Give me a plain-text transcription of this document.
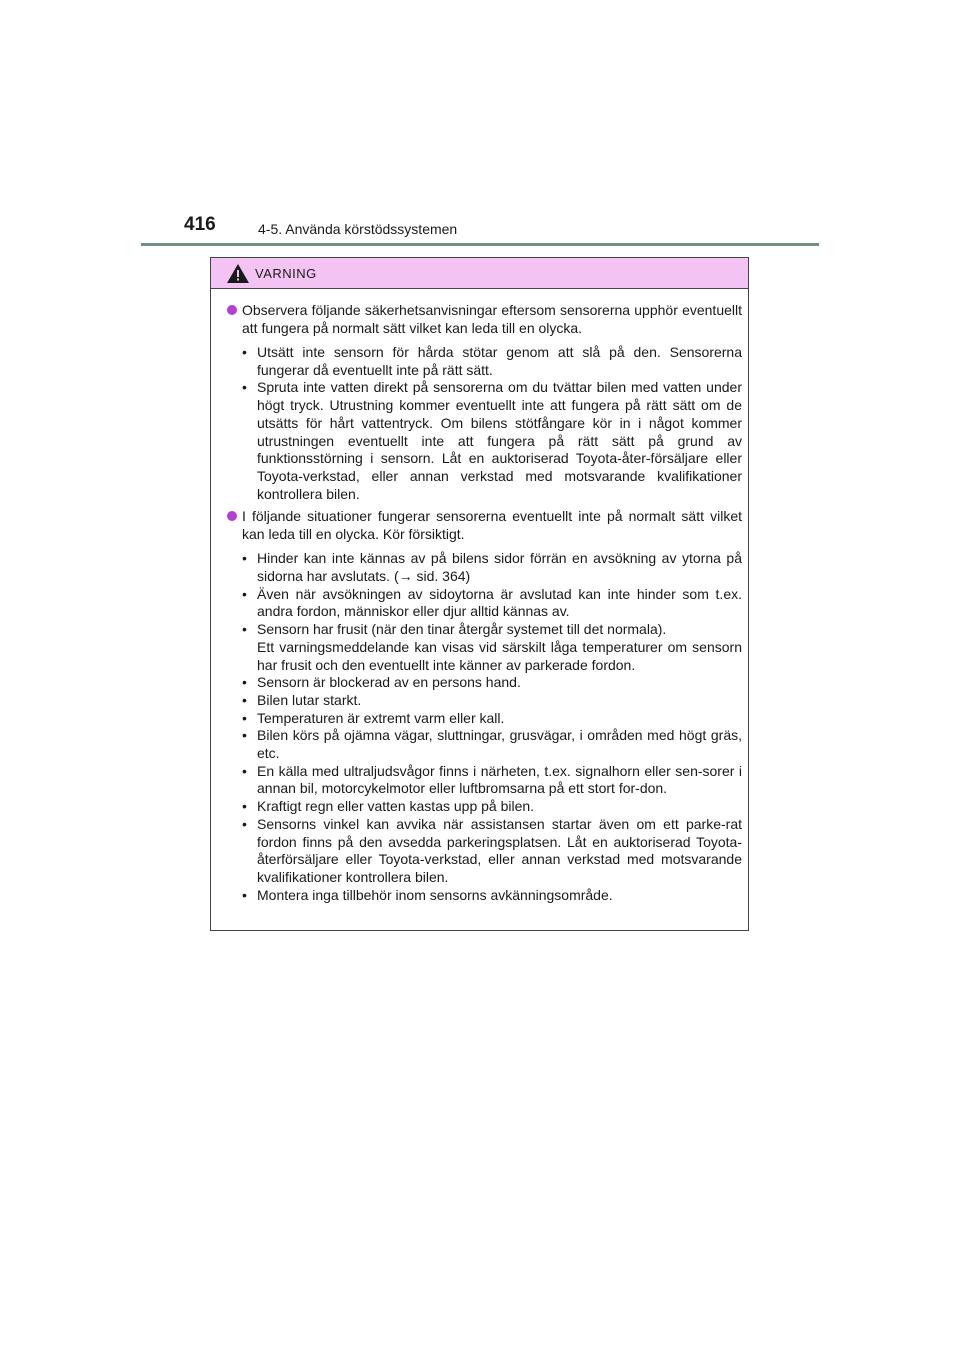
416	4-5. Använda körstödssystemen
VARNING
Observera följande säkerhetsanvisningar eftersom sensorerna upphör eventuellt att fungera på normalt sätt vilket kan leda till en olycka.
• Utsätt inte sensorn för hårda stötar genom att slå på den. Sensorerna fungerar då eventuellt inte på rätt sätt.
• Spruta inte vatten direkt på sensorerna om du tvättar bilen med vatten under högt tryck. Utrustning kommer eventuellt inte att fungera på rätt sätt om de utsätts för hårt vattentryck. Om bilens stötfångare kör in i något kommer utrustningen eventuellt inte att fungera på rätt sätt på grund av funktionsstörning i sensorn. Låt en auktoriserad Toyota-åter-försäljare eller Toyota-verkstad, eller annan verkstad med motsvarande kvalifikationer kontrollera bilen.
I följande situationer fungerar sensorerna eventuellt inte på normalt sätt vilket kan leda till en olycka. Kör försiktigt.
• Hinder kan inte kännas av på bilens sidor förrän en avsökning av ytorna på sidorna har avslutats. (→ sid. 364)
• Även när avsökningen av sidoytorna är avslutad kan inte hinder som t.ex. andra fordon, människor eller djur alltid kännas av.
• Sensorn har frusit (när den tinar återgår systemet till det normala).
Ett varningsmeddelande kan visas vid särskilt låga temperaturer om sensorn har frusit och den eventuellt inte känner av parkerade fordon.
• Sensorn är blockerad av en persons hand.
• Bilen lutar starkt.
• Temperaturen är extremt varm eller kall.
• Bilen körs på ojämna vägar, sluttningar, grusvägar, i områden med högt gräs, etc.
• En källa med ultraljudsvågor finns i närheten, t.ex. signalhorn eller sen-sorer i annan bil, motorcykelmotor eller luftbromsarna på ett stort for-don.
• Kraftigt regn eller vatten kastas upp på bilen.
• Sensorns vinkel kan avvika när assistansen startar även om ett parke-rat fordon finns på den avsedda parkeringsplatsen. Låt en auktoriserad Toyota-återförsäljare eller Toyota-verkstad, eller annan verkstad med motsvarande kvalifikationer kontrollera bilen.
• Montera inga tillbehör inom sensorns avkänningsområde.
